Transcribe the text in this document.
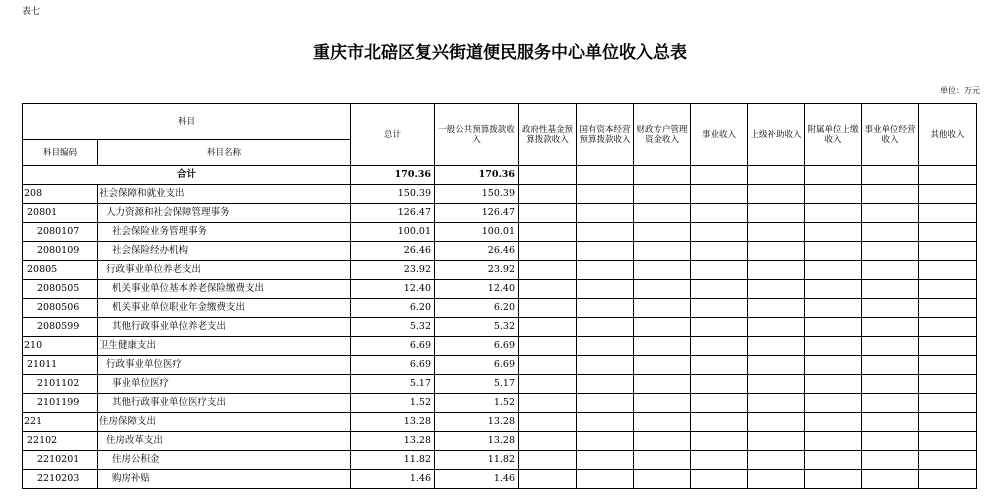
表七
重庆市北碚区复兴街道便民服务中心单位收入总表
单位：万元
科目		总计	一般公共预算拨款收入	政府性基金预算拨款收入	国有资本经营预算拨款收入	财政专户管理资金收入	事业收入	上级补助收入	附属单位上缴收入	事业单位经营收入	其他收入
科目编码	科目名称										
合计		170.36	170.36								
208	社会保障和就业支出	150.39	150.39								
20801	人力资源和社会保障管理事务	126.47	126.47								
2080107	社会保险业务管理事务	100.01	100.01								
2080109	社会保险经办机构	26.46	26.46								
20805	行政事业单位养老支出	23.92	23.92								
2080505	机关事业单位基本养老保险缴费支出	12.40	12.40								
2080506	机关事业单位职业年金缴费支出	6.20	6.20								
2080599	其他行政事业单位养老支出	5.32	5.32								
210	卫生健康支出	6.69	6.69								
21011	行政事业单位医疗	6.69	6.69								
2101102	事业单位医疗	5.17	5.17								
2101199	其他行政事业单位医疗支出	1.52	1.52								
221	住房保障支出	13.28	13.28								
22102	住房改革支出	13.28	13.28								
2210201	住房公积金	11.82	11.82								
2210203	购房补贴	1.46	1.46								
